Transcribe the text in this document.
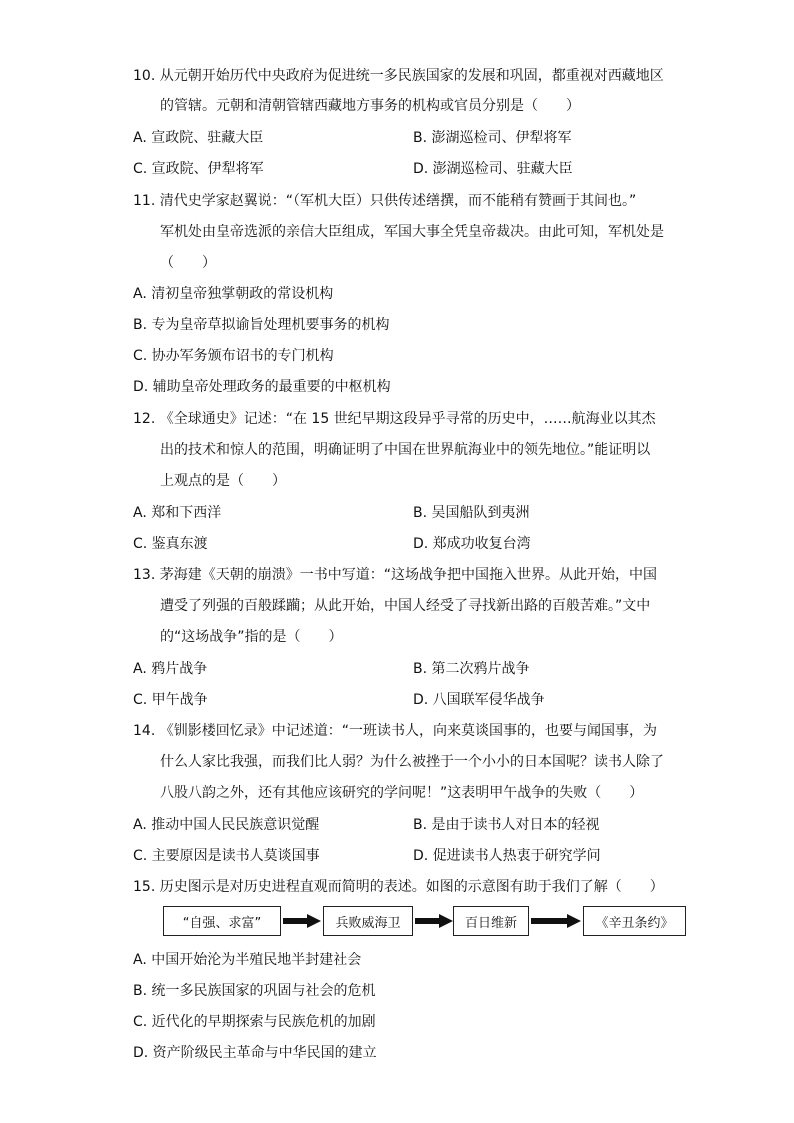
10. 从元朝开始历代中央政府为促进统一多民族国家的发展和巩固，都重视对西藏地区
的管辖。元朝和清朝管辖西藏地方事务的机构或官员分别是（　　）
A. 宣政院、驻藏大臣	B. 澎湖巡检司、伊犁将军
C. 宣政院、伊犁将军	D. 澎湖巡检司、驻藏大臣
11. 清代史学家赵翼说：“（军机大臣）只供传述缮撰，而不能稍有赞画于其间也。”
军机处由皇帝选派的亲信大臣组成，军国大事全凭皇帝裁决。由此可知，军机处是
（　　）
A. 清初皇帝独掌朝政的常设机构
B. 专为皇帝草拟谕旨处理机要事务的机构
C. 协办军务颁布诏书的专门机构
D. 辅助皇帝处理政务的最重要的中枢机构
12. 《全球通史》记述：“在 15 世纪早期这段异乎寻常的历史中，……航海业以其杰
出的技术和惊人的范围，明确证明了中国在世界航海业中的领先地位。”能证明以
上观点的是（　　）
A. 郑和下西洋	B. 吴国船队到夷洲
C. 鉴真东渡	D. 郑成功收复台湾
13. 茅海建《天朝的崩溃》一书中写道：“这场战争把中国拖入世界。从此开始，中国
遭受了列强的百般蹂躏；从此开始，中国人经受了寻找新出路的百般苦难。”文中
的“这场战争”指的是（　　）
A. 鸦片战争	B. 第二次鸦片战争
C. 甲午战争	D. 八国联军侵华战争
14. 《钏影楼回忆录》中记述道：“一班读书人，向来莫谈国事的，也要与闻国事，为
什么人家比我强，而我们比人弱？为什么被挫于一个小小的日本国呢？读书人除了
八股八韵之外，还有其他应该研究的学问呢！”这表明甲午战争的失败（　　）
A. 推动中国人民民族意识觉醒	B. 是由于读书人对日本的轻视
C. 主要原因是读书人莫谈国事	D. 促进读书人热衷于研究学问
15. 历史图示是对历史进程直观而简明的表述。如图的示意图有助于我们了解（　　）
“自强、求富”	兵败威海卫	百日维新	《辛丑条约》
A. 中国开始沦为半殖民地半封建社会
B. 统一多民族国家的巩固与社会的危机
C. 近代化的早期探索与民族危机的加剧
D. 资产阶级民主革命与中华民国的建立
